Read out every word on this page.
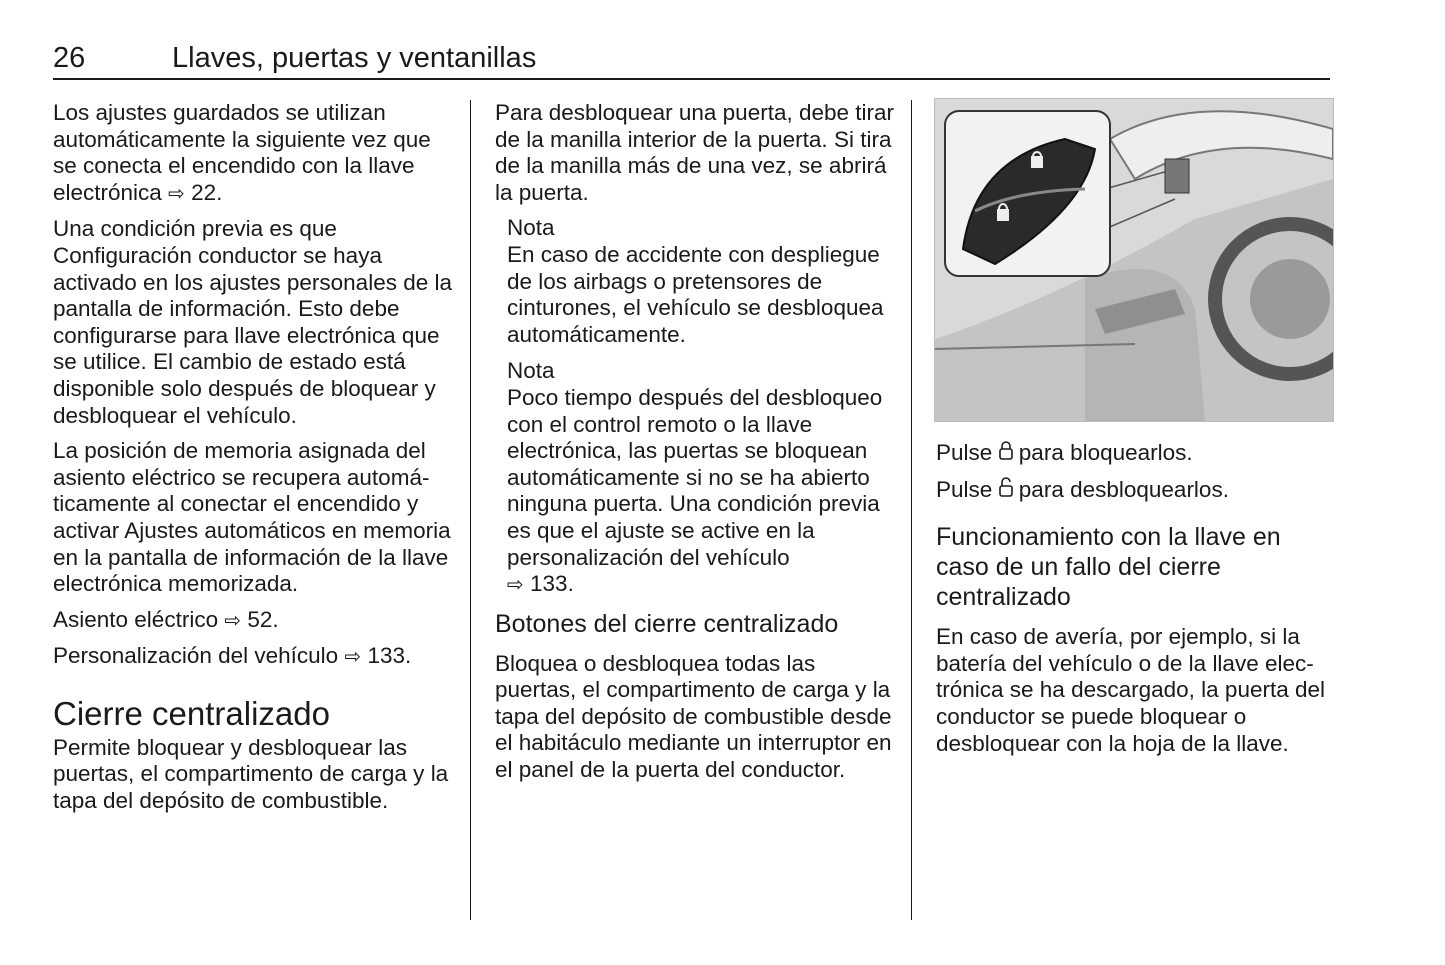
26	Llaves, puertas y ventanillas

Los ajustes guardados se utilizan automáticamente la siguiente vez que se conecta el encendido con la llave electrónica ⇨ 22.

Una condición previa es que Configuración conductor se haya activado en los ajustes personales de la pantalla de información. Esto debe configurarse para llave electrónica que se utilice. El cambio de estado está disponible solo después de bloquear y desbloquear el vehículo.

La posición de memoria asignada del asiento eléctrico se recupera automáticamente al conectar el encendido y activar Ajustes automáticos en memoria en la pantalla de información de la llave electrónica memorizada.

Asiento eléctrico ⇨ 52.

Personalización del vehículo ⇨ 133.

Cierre centralizado

Permite bloquear y desbloquear las puertas, el compartimento de carga y la tapa del depósito de combustible.

Para desbloquear una puerta, debe tirar de la manilla interior de la puerta. Si tira de la manilla más de una vez, se abrirá la puerta.

Nota
En caso de accidente con despliegue de los airbags o pretensores de cinturones, el vehículo se desbloquea automáticamente.
Nota
Poco tiempo después del desbloqueo con el control remoto o la llave electrónica, las puertas se bloquean automáticamente si no se ha abierto ninguna puerta. Una condición previa es que el ajuste se active en la personalización del vehículo
⇨ 133.
Botones del cierre centralizado

Bloquea o desbloquea todas las puertas, el compartimento de carga y la tapa del depósito de combustible desde el habitáculo mediante un interruptor en el panel de la puerta del conductor.

Pulse  para bloquearlos.

Pulse  para desbloquearlos.

Funcionamiento con la llave en caso de un fallo del cierre centralizado

En caso de avería, por ejemplo, si la batería del vehículo o de la llave electrónica se ha descargado, la puerta del conductor se puede bloquear o desbloquear con la hoja de la llave.
